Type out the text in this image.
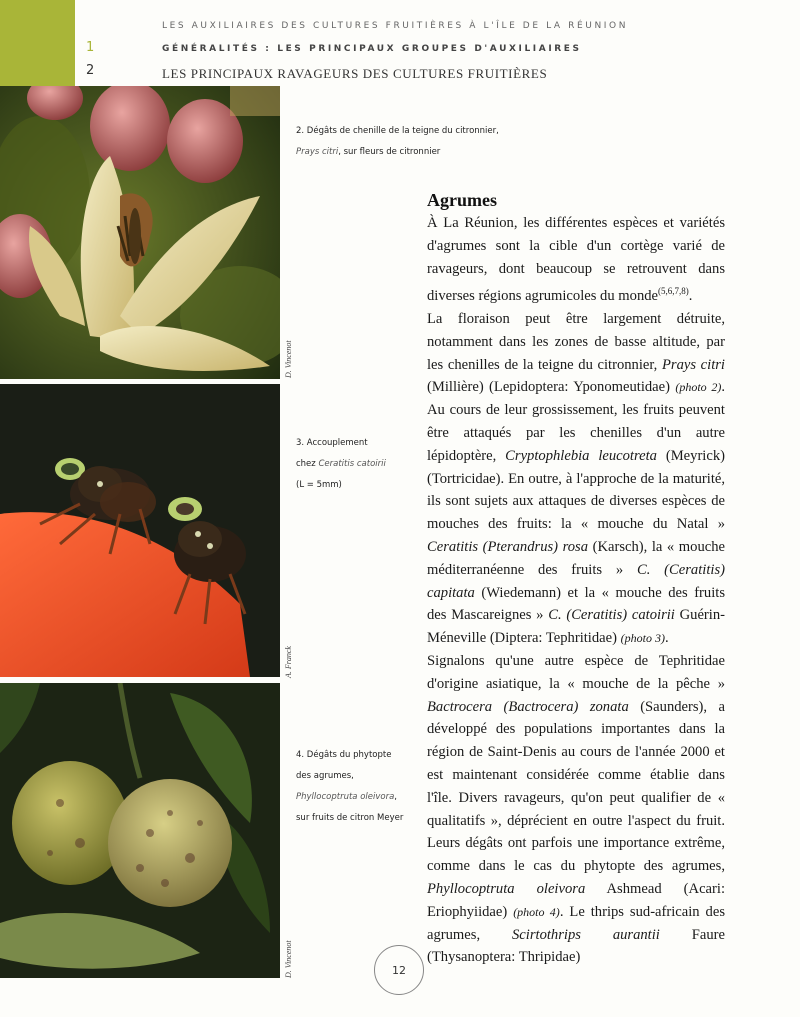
LES AUXILIAIRES DES CULTURES FRUITIÈRES À L'ÎLE DE LA RÉUNION
1	GÉNÉRALITÉS : LES PRINCIPAUX GROUPES D'AUXILIAIRES
2	LES PRINCIPAUX RAVAGEURS DES CULTURES FRUITIÈRES
D. Vincenot
2. Dégâts de chenille de la teigne du citronnier,
Prays citri, sur fleurs de citronnier
A. Franck
3. Accouplement
chez Ceratitis catoirii
(L = 5mm)
D. Vincenot
4. Dégâts du phytopte
des agrumes,
Phyllocoptruta oleivora,
sur fruits de citron Meyer
Agrumes

À La Réunion, les différentes espèces et variétés d'agrumes sont la cible d'un cortège varié de ravageurs, dont beaucoup se retrouvent dans diverses régions agrumicoles du monde$^{(5,6,7,8)}$.

La floraison peut être largement détruite, notamment dans les zones de basse altitude, par les chenilles de la teigne du citronnier, Prays citri (Millière) (Lepidoptera: Yponomeutidae) (photo 2). Au cours de leur grossissement, les fruits peuvent être attaqués par les chenilles d'un autre lépidoptère, Cryptophlebia leucotreta (Meyrick) (Tortricidae). En outre, à l'approche de la maturité, ils sont sujets aux attaques de diverses espèces de mouches des fruits: la « mouche du Natal » Ceratitis (Pterandrus) rosa (Karsch), la « mouche méditerranéenne des fruits » C. (Ceratitis) capitata (Wiedemann) et la « mouche des fruits des Mascareignes » C. (Ceratitis) catoirii Guérin-Méneville (Diptera: Tephritidae) (photo 3).

Signalons qu'une autre espèce de Tephritidae d'origine asiatique, la « mouche de la pêche » Bactrocera (Bactrocera) zonata (Saunders), a développé des populations importantes dans la région de Saint-Denis au cours de l'année 2000 et est maintenant considérée comme établie dans l'île. Divers ravageurs, qu'on peut qualifier de « qualitatifs », déprécient en outre l'aspect du fruit. Leurs dégâts ont parfois une importance extrême, comme dans le cas du phytopte des agrumes, Phyllocoptruta oleivora Ashmead (Acari: Eriophyiidae) (photo 4). Le thrips sud-africain des agrumes, Scirtothrips aurantii Faure (Thysanoptera: Thripidae)

12
